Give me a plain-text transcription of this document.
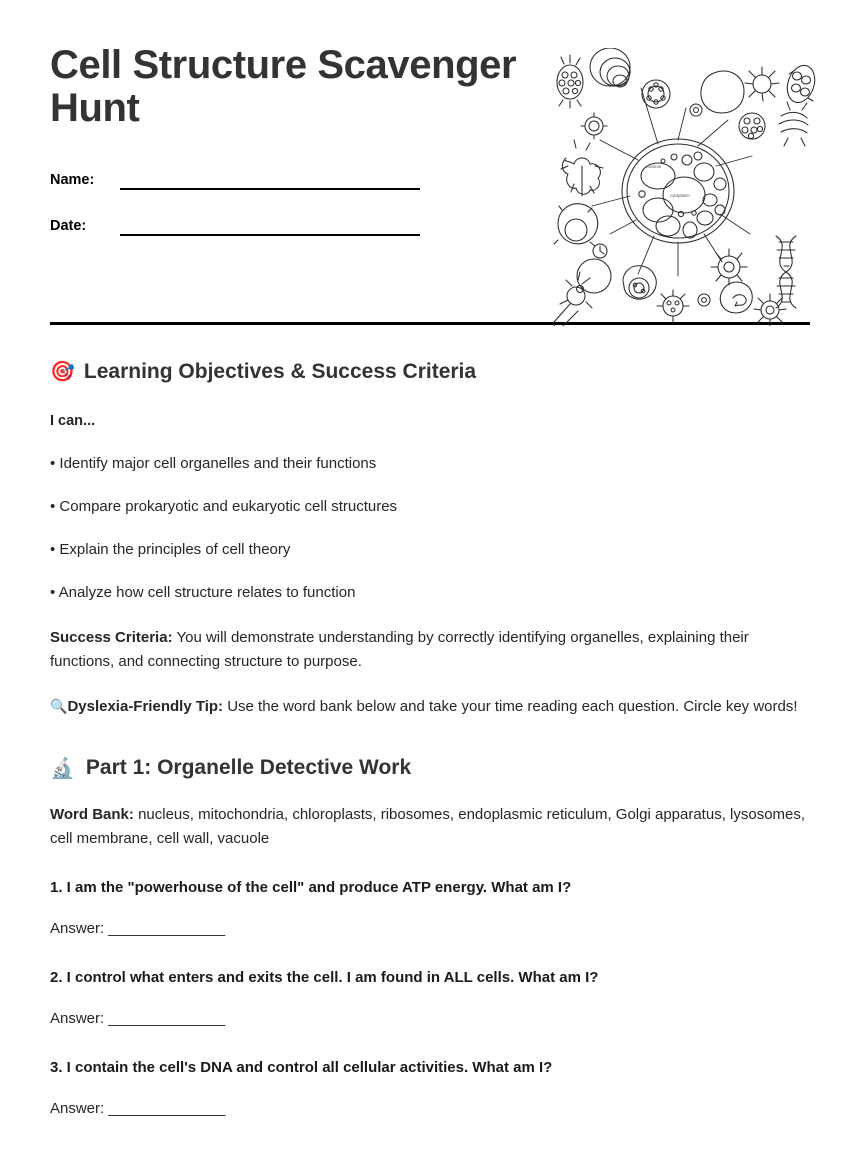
Cell Structure Scavenger Hunt
Name:
Date:
nucleus
cytoplasm
🎯 Learning Objectives & Success Criteria

I can...

• Identify major cell organelles and their functions

• Compare prokaryotic and eukaryotic cell structures

• Explain the principles of cell theory

• Analyze how cell structure relates to function

Success Criteria: You will demonstrate understanding by correctly identifying organelles, explaining their functions, and connecting structure to purpose.

🔍Dyslexia-Friendly Tip: Use the word bank below and take your time reading each question. Circle key words!

🔬 Part 1: Organelle Detective Work

Word Bank: nucleus, mitochondria, chloroplasts, ribosomes, endoplasmic reticulum, Golgi apparatus, lysosomes, cell membrane, cell wall, vacuole

1. I am the "powerhouse of the cell" and produce ATP energy. What am I?

Answer: ______________

2. I control what enters and exits the cell. I am found in ALL cells. What am I?

Answer: ______________

3. I contain the cell's DNA and control all cellular activities. What am I?

Answer: ______________
